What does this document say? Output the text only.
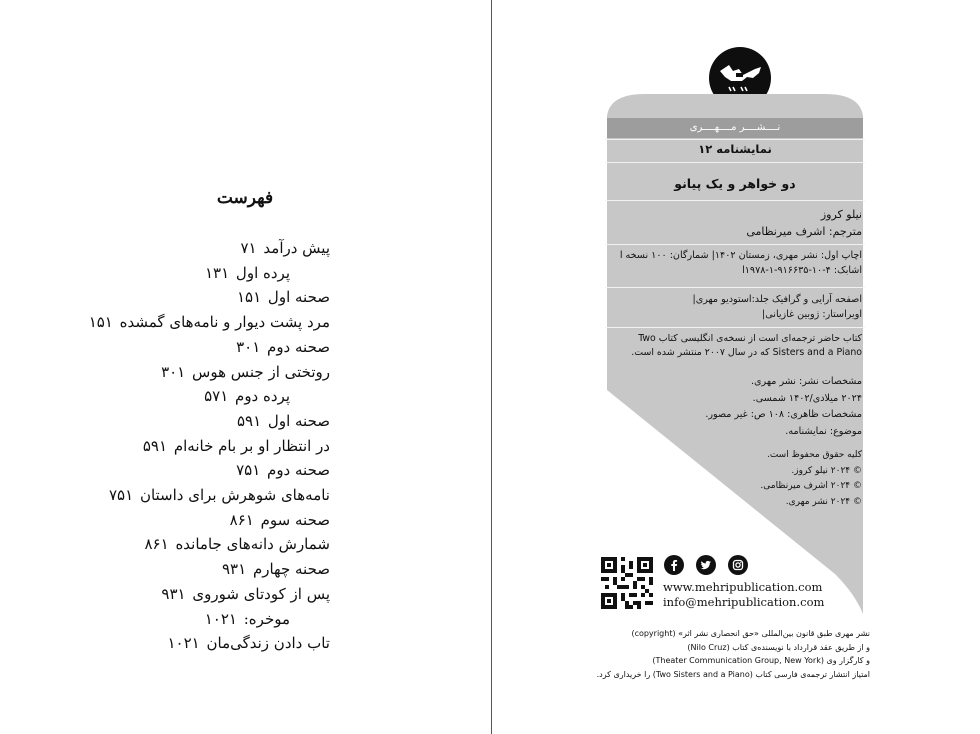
فهرست
پیش درآمد ۷۱
پرده اول ۱۳۱
صحنه اول ۱۵۱
مرد پشت دیوار و نامه‌های گمشده ۱۵۱
صحنه دوم ۳۰۱
روتختی از جنس هوس ۳۰۱
پرده دوم ۵۷۱
صحنه اول ۵۹۱
در انتظار او بر بام خانه‌ام ۵۹۱
صحنه دوم ۷۵۱
نامه‌های شوهرش برای داستان ۷۵۱
صحنه سوم ۸۶۱
شمارش دانه‌های جامانده ۸۶۱
صحنه چهارم ۹۳۱
پس از کودتای شوروی ۹۳۱
موخره: ۱۰۲۱
تاب دادن زندگی‌مان ۱۰۲۱
نــــشــــر مــــهــــری
نمایشنامه ۱۲
دو خواهر و یک پیانو
نیلو کروز
مترجم: اشرف میرنظامی
اچاپ اول: نشر مهری، زمستان ۱۴۰۲| شمارگان: ۱۰۰ نسخه ا
اشابک: ۴-۱۰-۹۱۶۶۳۵-۱-۱۹۷۸ا
اصفحه آرایی و گرافیک جلد:استودیو مهری|
اویراستار: ژوبین غازیانی|
کتاب حاضر ترجمه‌ای است از نسخه‌ی انگلیسی کتاب Two
Sisters and a Piano که در سال ۲۰۰۷ منتشر شده است.
مشخصات نشر: نشر مهری.
۲۰۲۴ میلادی/۱۴۰۲ شمسی.
مشخصات ظاهری: ۱۰۸ ص: غیر مصور.
موضوع: نمایشنامه.
کلیه حقوق محفوظ است.
© ۲۰۲۴ نیلو کروز.
© ۲۰۲۴ اشرف میرنظامی.
© ۲۰۲۴ نشر مهری.
www.mehripublication.com
info@mehripublication.com
نشر مهری طبق قانون بین‌المللی «حق انحصاری نشر اثر» (copyright)
و از طریق عقد قرارداد با نویسنده‌ی کتاب (Nilo Cruz)
و کارگزار وی (Theater Communication Group, New York)
امتیاز انتشار ترجمه‌ی فارسی کتاب (Two Sisters and a Piano) را خریداری کرد.
